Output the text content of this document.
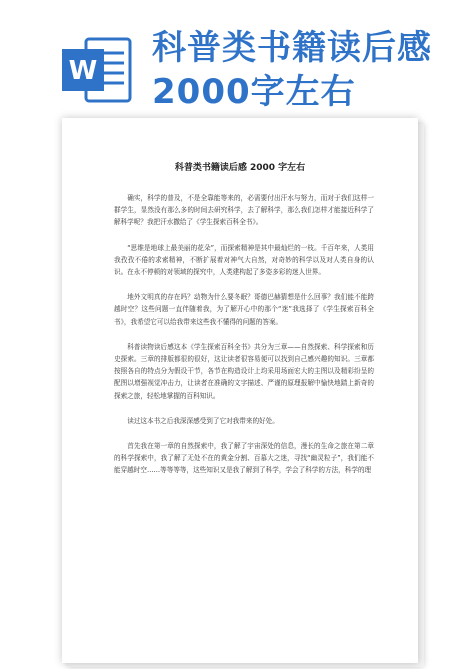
W
科普类书籍读后感
2000字左右
科普类书籍读后感 2000 字左右

确实，科学的普及，不是全靠能等来的，必需要付出汗水与努力，而对于我们这样一群学生，显然没有那么多的时间去研究科学，去了解科学，那么我们怎样才能接近科学了解科学呢？我把汗水撒给了《学生探索百科全书》。

“思维是地球上最美丽的花朵”，而探索精神是其中最灿烂的一枝。千百年来，人类用我孜孜不倦的求索精神，不断扩展着对神气大自然，对奇妙的科学以及对人类自身的认识。在永不停顿的对领域的探究中，人类建构起了多姿多彩的迷人世界。

地外文明真的存在吗？动物为什么要冬眠？哥德巴赫猜想是什么回事？我们能不能跨越时空？这些问题一直伴随着我，为了解开心中的那个“迷”我选择了《学生探索百科全书》，我希望它可以给我带来这些我不懂得的问题的答案。

科普读物读后感这本《学生探索百科全书》共分为三章——自然探索、科学探索和历史探索。三章的排版都很的很好，这让读者很容易便可以找到自己感兴趣的知识。三章都按照各自的特点分为假设干节，各节在构造设计上均采用场面宏大的主图以及精彩纷呈的配图以增强视觉冲击力，让读者在准确的文字描述、严谨的原理报解中愉快地踏上新奇的探索之旅，轻松地掌握的百科知识。

读过这本书之后我深深感受到了它对我带来的好处。

首先我在第一章的自然探索中，我了解了宇宙深处的信息，漫长的生命之旅在第二章的科学探索中，我了解了无处不在的黄金分割、百慕大之迷，寻找“幽灵粒子”，我们能不能穿越时空……等等等等，这些知识又是我了解到了科学，学会了科学的方法，科学的理
